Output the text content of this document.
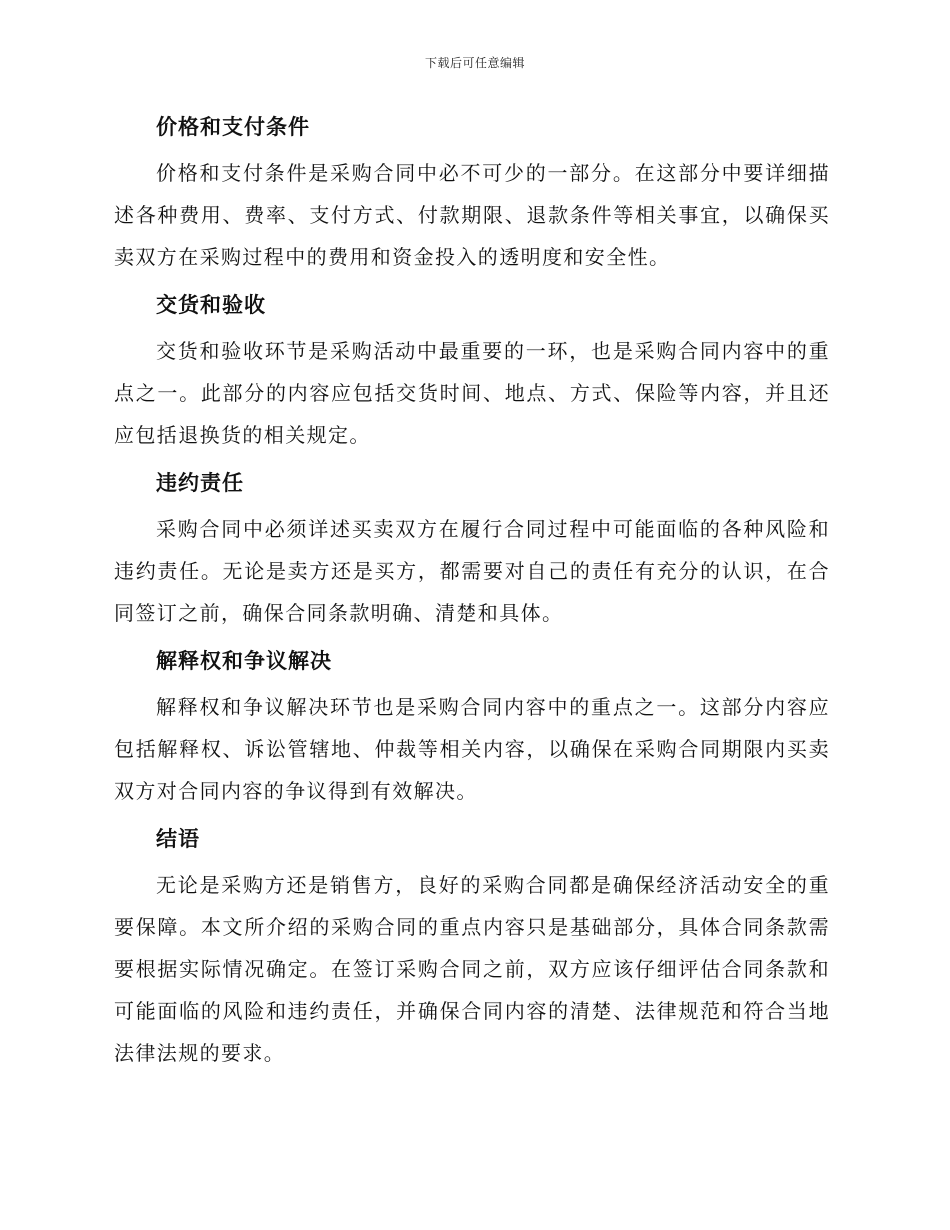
下载后可任意编辑
价格和支付条件

价格和支付条件是采购合同中必不可少的一部分。在这部分中要详细描述各种费用、费率、支付方式、付款期限、退款条件等相关事宜，以确保买卖双方在采购过程中的费用和资金投入的透明度和安全性。

交货和验收

交货和验收环节是采购活动中最重要的一环，也是采购合同内容中的重点之一。此部分的内容应包括交货时间、地点、方式、保险等内容，并且还应包括退换货的相关规定。

违约责任

采购合同中必须详述买卖双方在履行合同过程中可能面临的各种风险和违约责任。无论是卖方还是买方，都需要对自己的责任有充分的认识，在合同签订之前，确保合同条款明确、清楚和具体。

解释权和争议解决

解释权和争议解决环节也是采购合同内容中的重点之一。这部分内容应包括解释权、诉讼管辖地、仲裁等相关内容，以确保在采购合同期限内买卖双方对合同内容的争议得到有效解决。

结语

无论是采购方还是销售方，良好的采购合同都是确保经济活动安全的重要保障。本文所介绍的采购合同的重点内容只是基础部分，具体合同条款需要根据实际情况确定。在签订采购合同之前，双方应该仔细评估合同条款和可能面临的风险和违约责任，并确保合同内容的清楚、法律规范和符合当地法律法规的要求。
